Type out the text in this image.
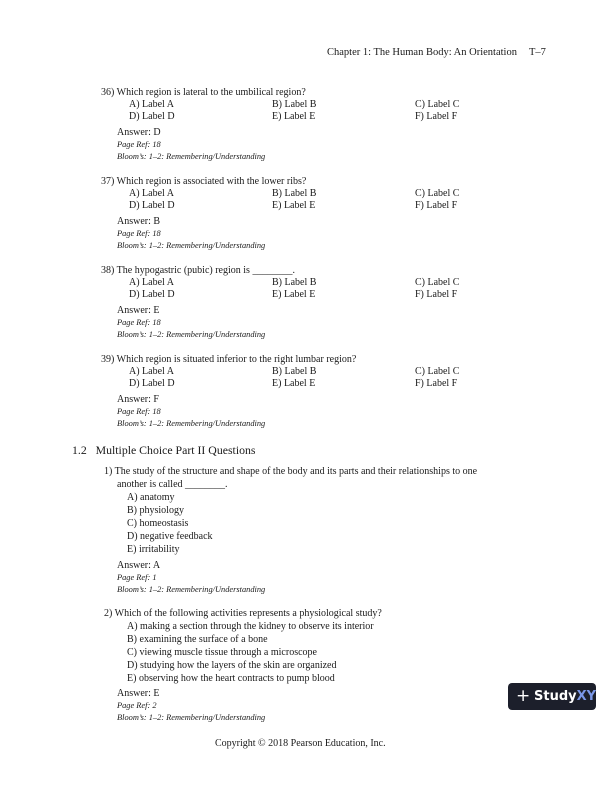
Chapter 1: The Human Body: An Orientation T–7
36) Which region is lateral to the umbilical region?
A) Label A	B) Label B	C) Label C
D) Label D	E) Label E	F) Label F
Answer: D
Page Ref: 18
Bloom’s: 1–2: Remembering/Understanding
37) Which region is associated with the lower ribs?
A) Label A	B) Label B	C) Label C
D) Label D	E) Label E	F) Label F
Answer: B
Page Ref: 18
Bloom’s: 1–2: Remembering/Understanding
38) The hypogastric (pubic) region is ________.
A) Label A	B) Label B	C) Label C
D) Label D	E) Label E	F) Label F
Answer: E
Page Ref: 18
Bloom’s: 1–2: Remembering/Understanding
39) Which region is situated inferior to the right lumbar region?
A) Label A	B) Label B	C) Label C
D) Label D	E) Label E	F) Label F
Answer: F
Page Ref: 18
Bloom’s: 1–2: Remembering/Understanding
1.2   Multiple Choice Part II Questions
1) The study of the structure and shape of the body and its parts and their relationships to one
another is called ________.
A) anatomy
B) physiology
C) homeostasis
D) negative feedback
E) irritability
Answer: A
Page Ref: 1
Bloom’s: 1–2: Remembering/Understanding
2) Which of the following activities represents a physiological study?
A) making a section through the kidney to observe its interior
B) examining the surface of a bone
C) viewing muscle tissue through a microscope
D) studying how the layers of the skin are organized
E) observing how the heart contracts to pump blood
Answer: E
Page Ref: 2
Bloom’s: 1–2: Remembering/Understanding
+ StudyXY
Copyright © 2018 Pearson Education, Inc.
